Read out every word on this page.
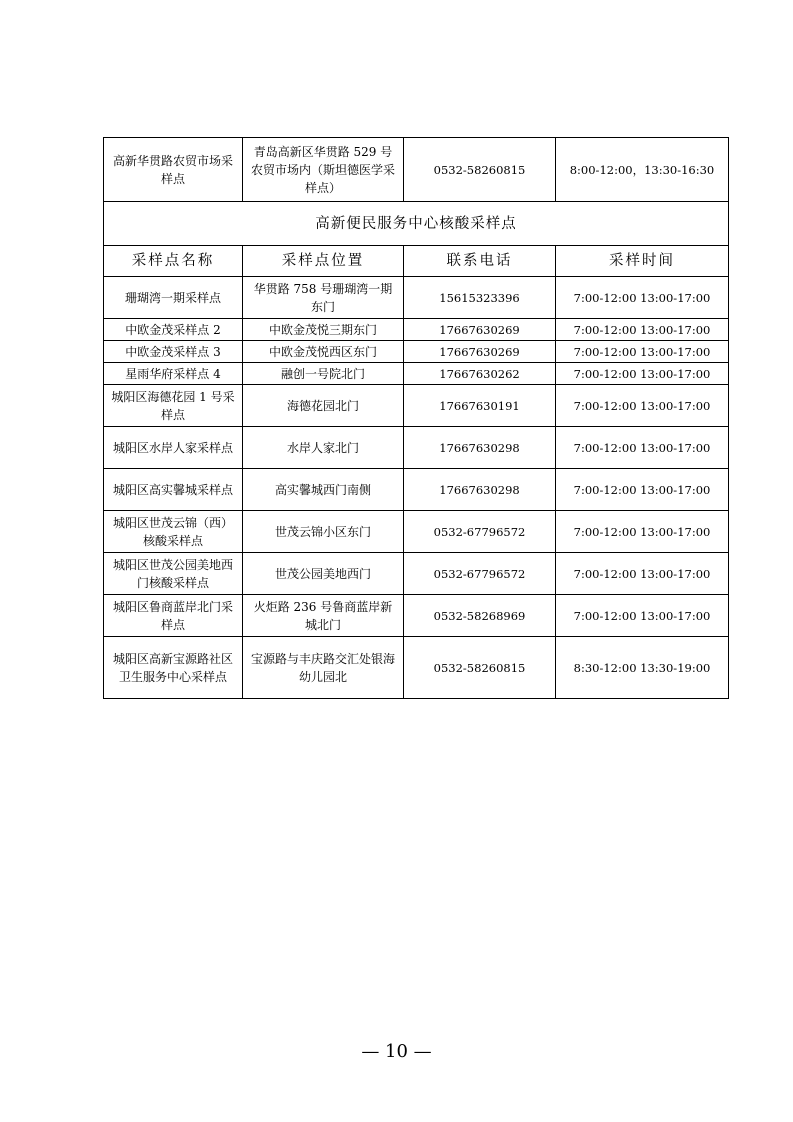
高新华贯路农贸市场采样点	青岛高新区华贯路 529 号农贸市场内（斯坦德医学采样点）	0532-58260815	8:00-12:00，13:30-16:30
高新便民服务中心核酸采样点			
采样点名称	采样点位置	联系电话	采样时间
珊瑚湾一期采样点	华贯路 758 号珊瑚湾一期东门	15615323396	7:00-12:00 13:00-17:00
中欧金茂采样点 2	中欧金茂悦三期东门	17667630269	7:00-12:00 13:00-17:00
中欧金茂采样点 3	中欧金茂悦西区东门	17667630269	7:00-12:00 13:00-17:00
星雨华府采样点 4	融创一号院北门	17667630262	7:00-12:00 13:00-17:00
城阳区海德花园 1 号采样点	海德花园北门	17667630191	7:00-12:00 13:00-17:00
城阳区水岸人家采样点	水岸人家北门	17667630298	7:00-12:00 13:00-17:00
城阳区高实馨城采样点	高实馨城西门南侧	17667630298	7:00-12:00 13:00-17:00
城阳区世茂云锦（西）核酸采样点	世茂云锦小区东门	0532-67796572	7:00-12:00 13:00-17:00
城阳区世茂公园美地西门核酸采样点	世茂公园美地西门	0532-67796572	7:00-12:00 13:00-17:00
城阳区鲁商蓝岸北门采样点	火炬路 236 号鲁商蓝岸新城北门	0532-58268969	7:00-12:00 13:00-17:00
城阳区高新宝源路社区卫生服务中心采样点	宝源路与丰庆路交汇处银海幼儿园北	0532-58260815	8:30-12:00 13:30-19:00
— 10 —
